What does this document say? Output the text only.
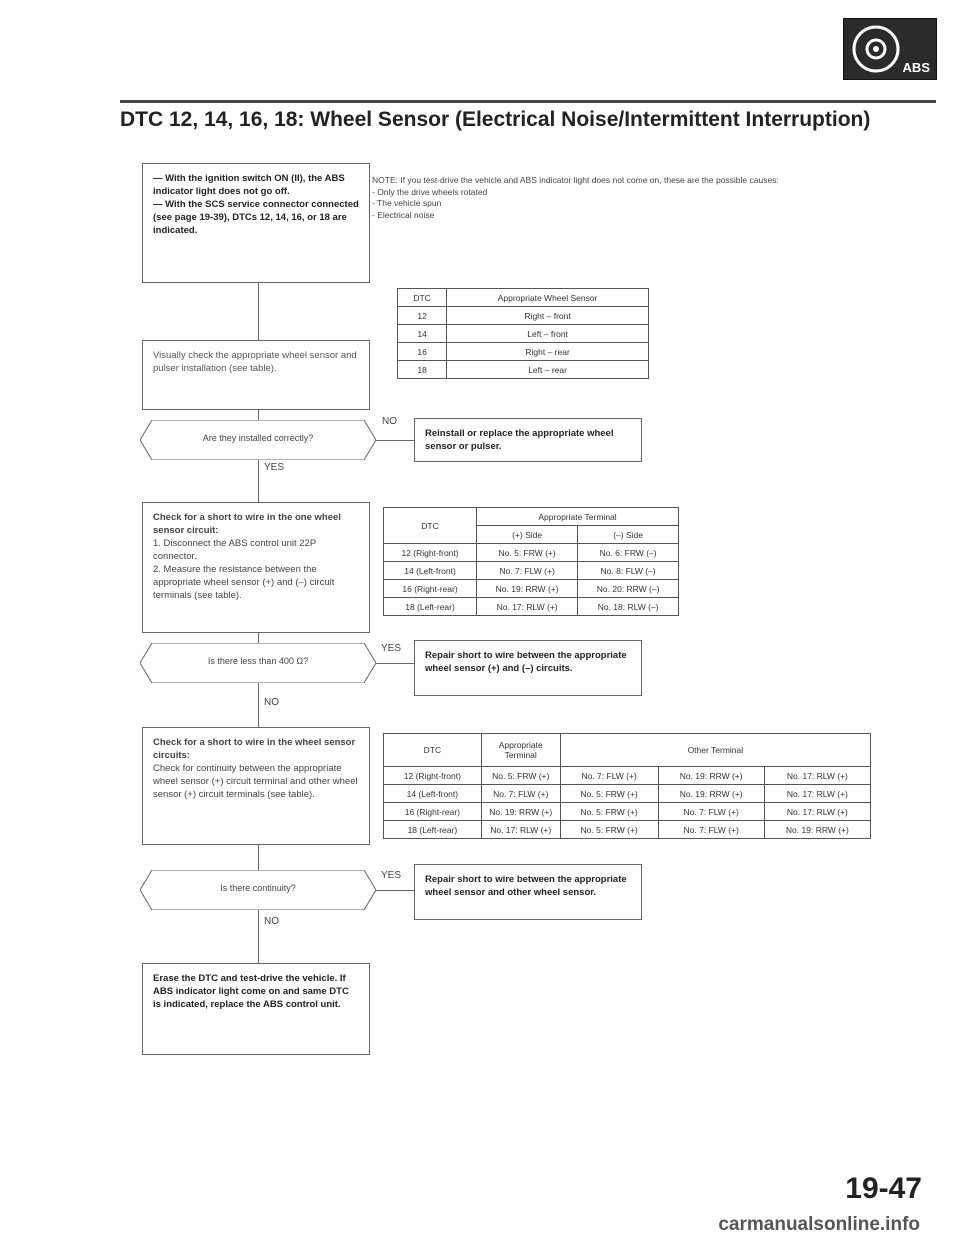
ABS
DTC 12, 14, 16, 18: Wheel Sensor (Electrical Noise/Intermittent Interruption)
— With the ignition switch ON (II), the ABS indicator light does not go off.
— With the SCS service connector connected (see page 19-39), DTCs 12, 14, 16, or 18 are indicated.
NOTE: If you test-drive the vehicle and ABS indicator light does not come on, these are the possible causes:
- Only the drive wheels rotated
- The vehicle spun
- Electrical noise
Visually check the appropriate wheel sensor and pulser installation (see table).
DTC	Appropriate Wheel Sensor
12	Right – front
14	Left – front
16	Right – rear
18	Left – rear
Are they installed correctly?
NO
YES
Reinstall or replace the appropriate wheel sensor or pulser.
Check for a short to wire in the one wheel sensor circuit:
1. Disconnect the ABS control unit 22P connector.
2. Measure the resistance between the appropriate wheel sensor (+) and (–) circuit terminals (see table).
DTC	Appropriate Terminal	
	(+) Side	(–) Side
12 (Right-front)	No. 5: FRW (+)	No. 6: FRW (–)
14 (Left-front)	No. 7: FLW (+)	No. 8: FLW (–)
16 (Right-rear)	No. 19: RRW (+)	No. 20: RRW (–)
18 (Left-rear)	No. 17: RLW (+)	No. 18: RLW (–)
Is there less than 400 Ω?
YES
NO
Repair short to wire between the appropriate wheel sensor (+) and (–) circuits.
Check for a short to wire in the wheel sensor circuits:
Check for continuity between the appropriate wheel sensor (+) circuit terminal and other wheel sensor (+) circuit terminals (see table).
DTC	Appropriate Terminal	Other Terminal		
12 (Right-front)	No. 5: FRW (+)	No. 7: FLW (+)	No. 19: RRW (+)	No. 17: RLW (+)
14 (Left-front)	No. 7: FLW (+)	No. 5: FRW (+)	No. 19: RRW (+)	No. 17: RLW (+)
16 (Right-rear)	No. 19: RRW (+)	No. 5: FRW (+)	No. 7: FLW (+)	No. 17: RLW (+)
18 (Left-rear)	No. 17: RLW (+)	No. 5: FRW (+)	No. 7: FLW (+)	No. 19: RRW (+)
Is there continuity?
YES
NO
Repair short to wire between the appropriate wheel sensor and other wheel sensor.
Erase the DTC and test-drive the vehicle. If ABS indicator light come on and same DTC is indicated, replace the ABS control unit.
19-47
carmanualsonline.info
